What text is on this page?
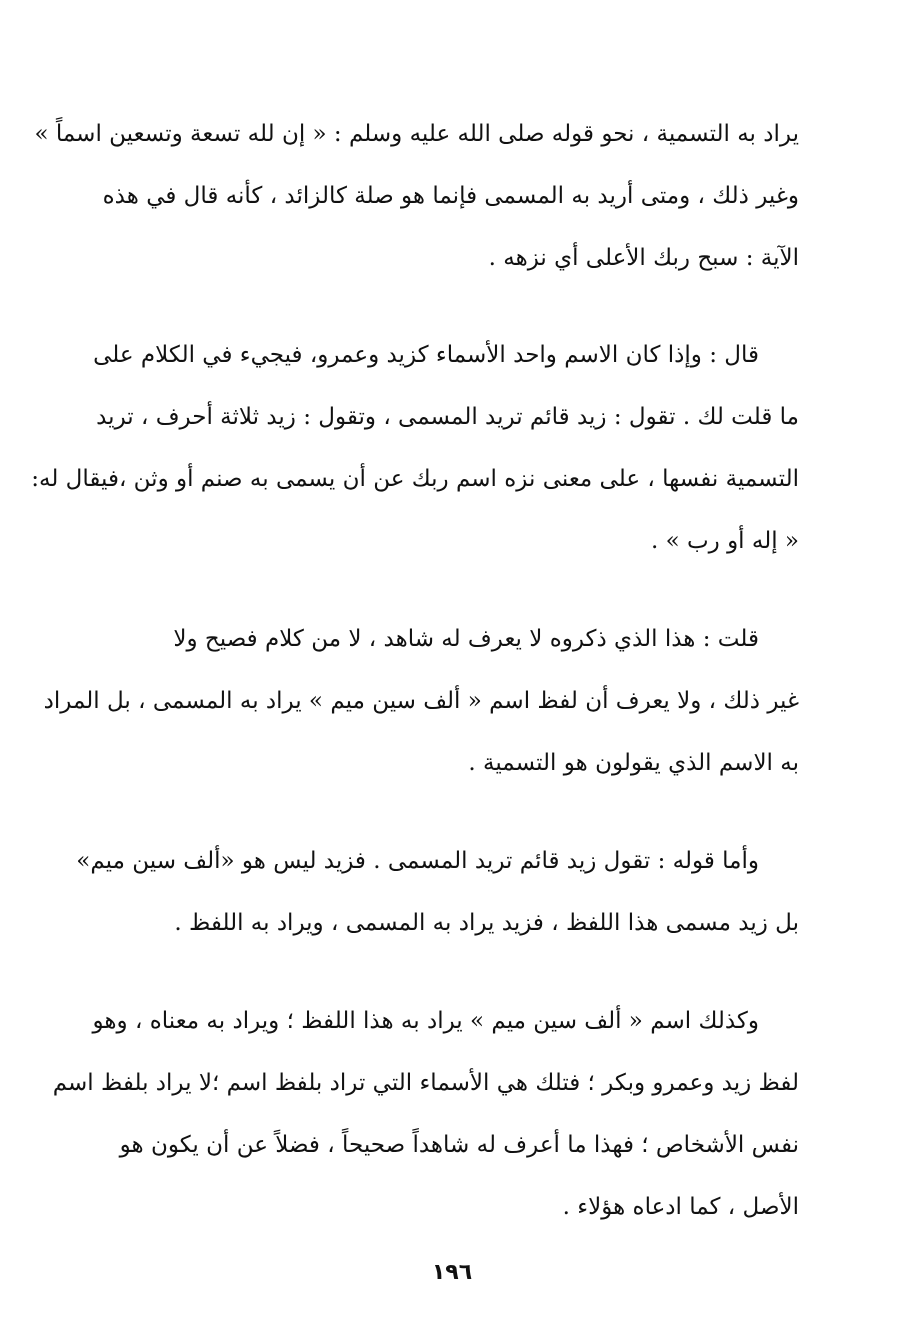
يراد به التسمية ، نحو قوله صلى الله عليه وسلم : « إن لله تسعة وتسعين اسماً »
وغير ذلك ، ومتى أريد به المسمى فإنما هو صلة كالزائد ، كأنه قال في هذه
الآية : سبح ربك الأعلى أي نزهه .

قال : وإذا كان الاسم واحد الأسماء كزيد وعمرو، فيجيء في الكلام على
ما قلت لك . تقول : زيد قائم تريد المسمى ، وتقول : زيد ثلاثة أحرف ، تريد
التسمية نفسها ، على معنى نزه اسم ربك عن أن يسمى به صنم أو وثن ،فيقال له:
« إله أو رب » .

قلت : هذا الذي ذكروه لا يعرف له شاهد ، لا من كلام فصيح ولا
غير ذلك ، ولا يعرف أن لفظ اسم « ألف سين ميم » يراد به المسمى ، بل المراد
به الاسم الذي يقولون هو التسمية .

وأما قوله : تقول زيد قائم تريد المسمى . فزيد ليس هو «ألف سين ميم»
بل زيد مسمى هذا اللفظ ، فزيد يراد به المسمى ، ويراد به اللفظ .

وكذلك اسم « ألف سين ميم » يراد به هذا اللفظ ؛ ويراد به معناه ، وهو
لفظ زيد وعمرو وبكر ؛ فتلك هي الأسماء التي تراد بلفظ اسم ؛لا يراد بلفظ اسم
نفس الأشخاص ؛ فهذا ما أعرف له شاهداً صحيحاً ، فضلاً عن أن يكون هو
الأصل ، كما ادعاه هؤلاء .

١٩٦
